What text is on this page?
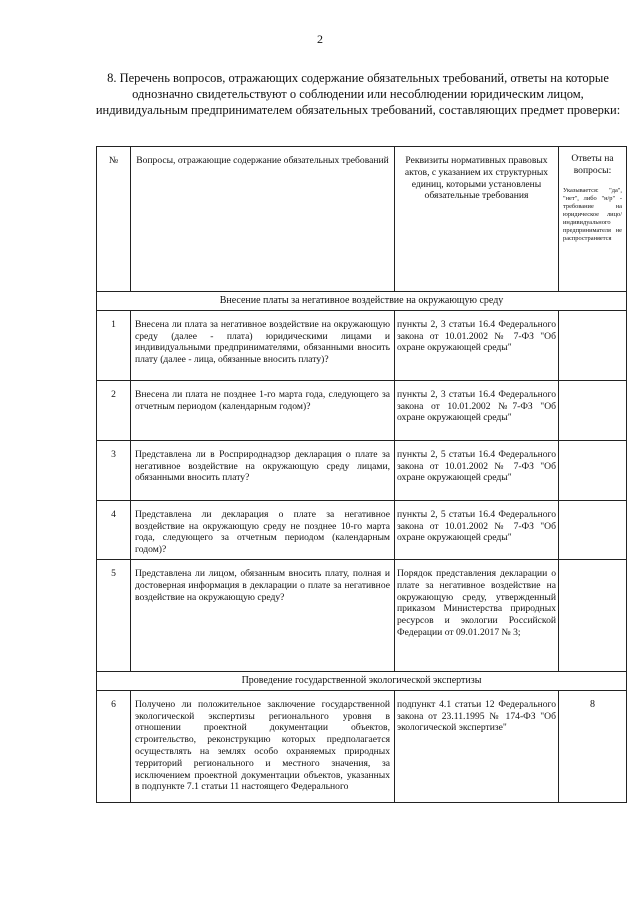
2
8. Перечень вопросов, отражающих содержание обязательных требований, ответы на которые однозначно свидетельствуют о соблюдении или несоблюдении юридическим лицом, индивидуальным предпринимателем обязательных требований, составляющих предмет проверки:
№	Вопросы, отражающие содержание обязательных требований	Реквизиты нормативных правовых актов, с указанием их структурных единиц, которыми установлены обязательные требования	Ответы на вопросы:
Указывается: "да", "нет", либо "н/р" - требование на юридическое лицо/индивидуального предпринимателя не распространяется

Внесение платы за негативное воздействие на окружающую среду			
1	Внесена ли плата за негативное воздействие на окружающую среду (далее - плата) юридическими лицами и индивидуальными предпринимателями, обязанными вносить плату (далее - лица, обязанные вносить плату)?	пункты 2, 3 статьи 16.4 Федерального закона от 10.01.2002 № 7-ФЗ "Об охране окружающей среды"	
2	Внесена ли плата не позднее 1-го марта года, следующего за отчетным периодом (календарным годом)?	пункты 2, 3 статьи 16.4 Федерального закона от 10.01.2002 №7-ФЗ "Об охране окружающей среды"	
3	Представлена ли в Росприроднадзор декларация о плате за негативное воздействие на окружающую среду лицами, обязанными вносить плату?	пункты 2, 5 статьи 16.4 Федерального закона от 10.01.2002 № 7-ФЗ "Об охране окружающей среды"	
4	Представлена ли декларация о плате за негативное воздействие на окружающую среду не позднее 10-го марта года, следующего за отчетным периодом (календарным годом)?	пункты 2, 5 статьи 16.4 Федерального закона от 10.01.2002 № 7-ФЗ "Об охране окружающей среды"	
5	Представлена ли лицом, обязанным вносить плату, полная и достоверная информация в декларации о плате за негативное воздействие на окружающую среду?	Порядок представления декларации о плате за негативное воздействие на окружающую среду, утвержденный приказом Министерства природных ресурсов и экологии Российской Федерации от 09.01.2017 № 3;	
Проведение государственной экологической экспертизы			
6	Получено ли положительное заключение государственной экологической экспертизы регионального уровня в отношении проектной документации объектов, строительство, реконструкцию которых предполагается осуществлять на землях особо охраняемых природных территорий регионального и местного значения, за исключением проектной документации объектов, указанных в подпункте 7.1 статьи 11 настоящего Федерального	подпункт 4.1 статьи 12 Федерального закона от 23.11.1995 № 174-ФЗ "Об экологической экспертизе"	8
